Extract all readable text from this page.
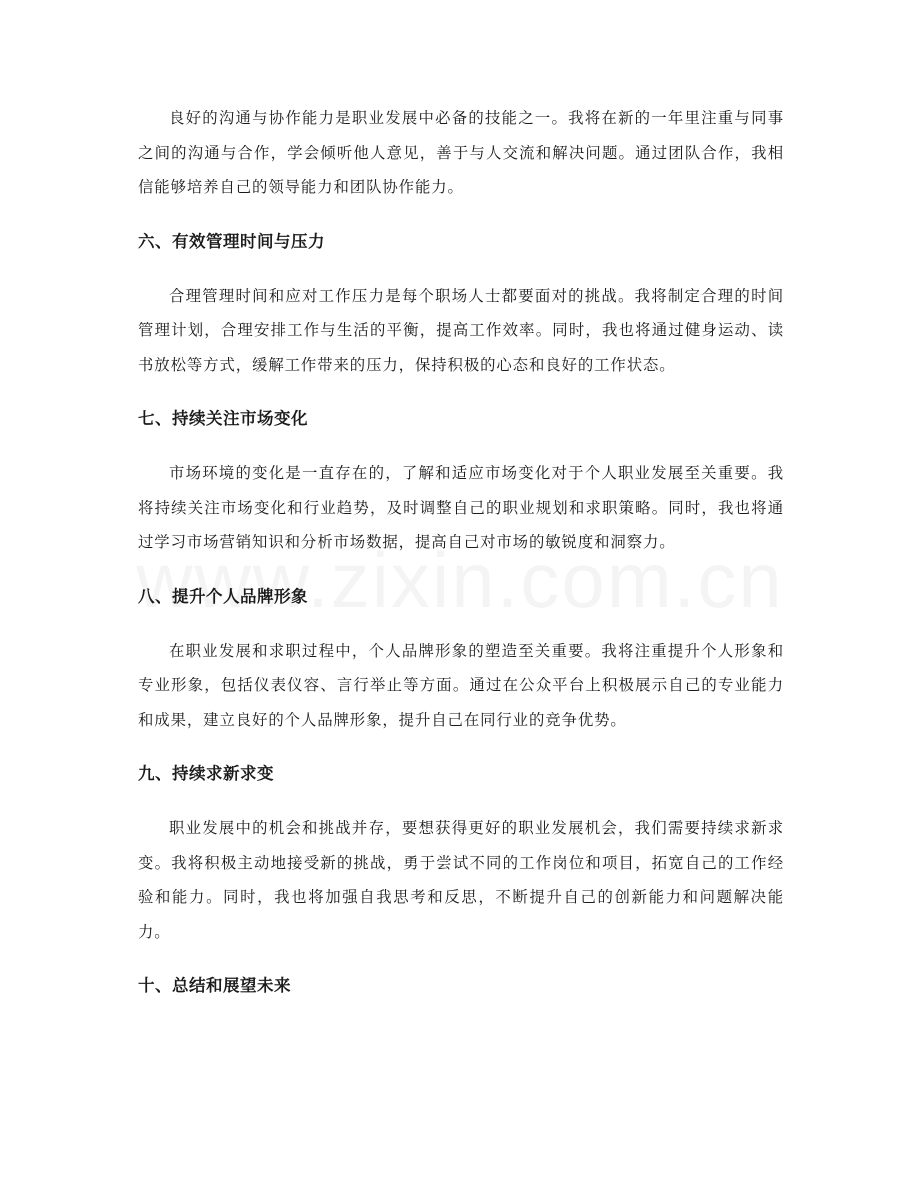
良好的沟通与协作能力是职业发展中必备的技能之一。我将在新的一年里注重与同事之间的沟通与合作，学会倾听他人意见，善于与人交流和解决问题。通过团队合作，我相信能够培养自己的领导能力和团队协作能力。

六、有效管理时间与压力

合理管理时间和应对工作压力是每个职场人士都要面对的挑战。我将制定合理的时间管理计划，合理安排工作与生活的平衡，提高工作效率。同时，我也将通过健身运动、读书放松等方式，缓解工作带来的压力，保持积极的心态和良好的工作状态。

七、持续关注市场变化

市场环境的变化是一直存在的，了解和适应市场变化对于个人职业发展至关重要。我将持续关注市场变化和行业趋势，及时调整自己的职业规划和求职策略。同时，我也将通过学习市场营销知识和分析市场数据，提高自己对市场的敏锐度和洞察力。

八、提升个人品牌形象

在职业发展和求职过程中，个人品牌形象的塑造至关重要。我将注重提升个人形象和专业形象，包括仪表仪容、言行举止等方面。通过在公众平台上积极展示自己的专业能力和成果，建立良好的个人品牌形象，提升自己在同行业的竞争优势。

九、持续求新求变

职业发展中的机会和挑战并存，要想获得更好的职业发展机会，我们需要持续求新求变。我将积极主动地接受新的挑战，勇于尝试不同的工作岗位和项目，拓宽自己的工作经验和能力。同时，我也将加强自我思考和反思，不断提升自己的创新能力和问题解决能力。

十、总结和展望未来
